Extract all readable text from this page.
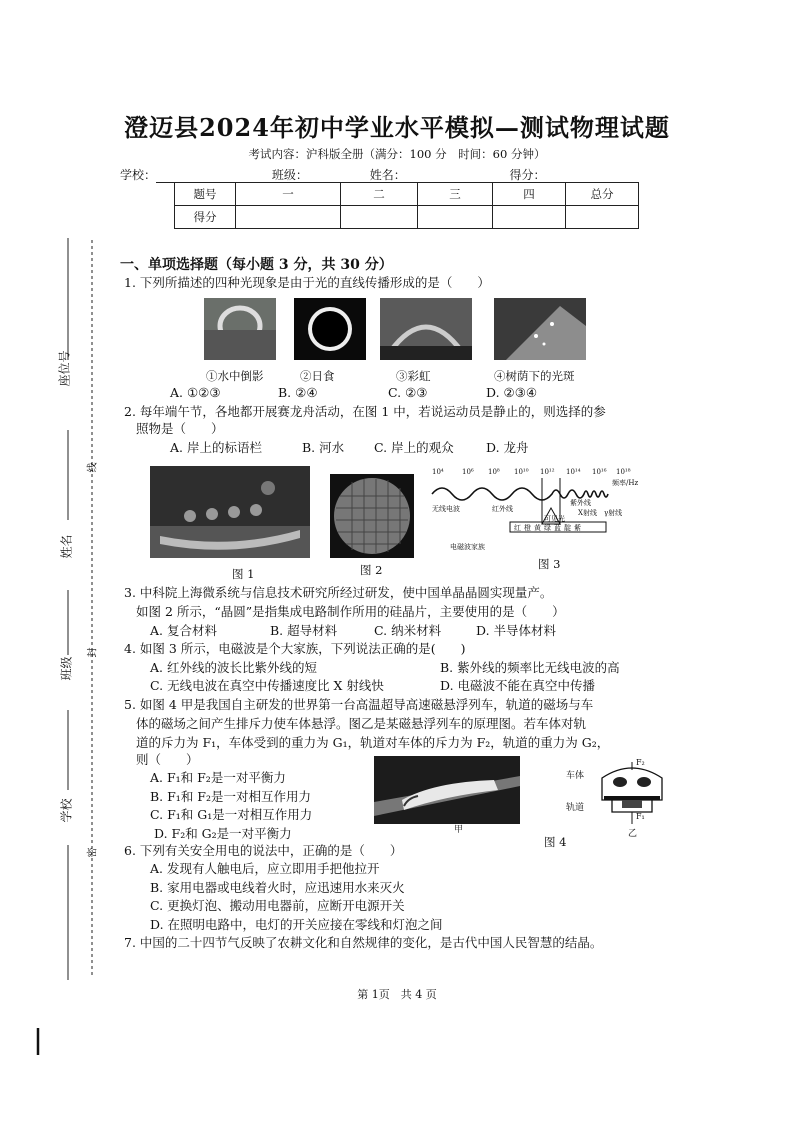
澄迈县2024年初中学业水平模拟—测试物理试题
考试内容：沪科版全册（满分：100 分　时间：60 分钟）
学校：	班级：	姓名：	得分：
题号	一	二	三	四	总分
得分					
座位号
姓名
班级
学校
线
封
密
一、单项选择题（每小题 3 分，共 30 分）
1. 下列所描述的四种光现象是由于光的直线传播形成的是（　　）
①水中倒影	②日食	③彩虹	④树荫下的光斑
A. ①②③	B. ②④	C. ②③	D. ②③④
2. 每年端午节，各地都开展赛龙舟活动，在图 1 中，若说运动员是静止的，则选择的参
照物是（　　）
A. 岸上的标语栏	B. 河水 C. 岸上的观众	D. 龙舟
图 1	图 2
10⁴	10⁶ 10⁸ 10¹⁰ 10¹² 10¹⁴ 10¹⁶ 10¹⁸
频率/Hz
无线电波	红外线
紫外线
X射线 γ射线
可见光
红橙黄绿蓝靛紫
电磁波家族
图 3
3. 中科院上海微系统与信息技术研究所经过研发，使中国单晶晶圆实现量产。
如图 2 所示，“晶圆”是指集成电路制作所用的硅晶片，主要使用的是（　　）
A. 复合材料	B. 超导材料	C. 纳米材料	D. 半导体材料
4. 如图 3 所示，电磁波是个大家族，下列说法正确的是(　　)
A. 红外线的波长比紫外线的短	B. 紫外线的频率比无线电波的高
C. 无线电波在真空中传播速度比 X 射线快	D. 电磁波不能在真空中传播
5. 如图 4 甲是我国自主研发的世界第一台高温超导高速磁悬浮列车，轨道的磁场与车
体的磁场之间产生排斥力使车体悬浮。图乙是某磁悬浮列车的原理图。若车体对轨
道的斥力为 F₁，车体受到的重力为 G₁，轨道对车体的斥力为 F₂，轨道的重力为 G₂，
则（　　）
A. F₁和 F₂是一对平衡力
B. F₁和 F₂是一对相互作用力
C. F₁和 G₁是一对相互作用力
D. F₂和 G₂是一对平衡力	甲
车体
轨道
F₂
F₁
乙
图 4
6. 下列有关安全用电的说法中，正确的是（　　）
A. 发现有人触电后，应立即用手把他拉开
B. 家用电器或电线着火时，应迅速用水来灭火
C. 更换灯泡、搬动用电器前，应断开电源开关
D. 在照明电路中，电灯的开关应接在零线和灯泡之间
7. 中国的二十四节气反映了农耕文化和自然规律的变化，是古代中国人民智慧的结晶。
第 1页　共 4 页
